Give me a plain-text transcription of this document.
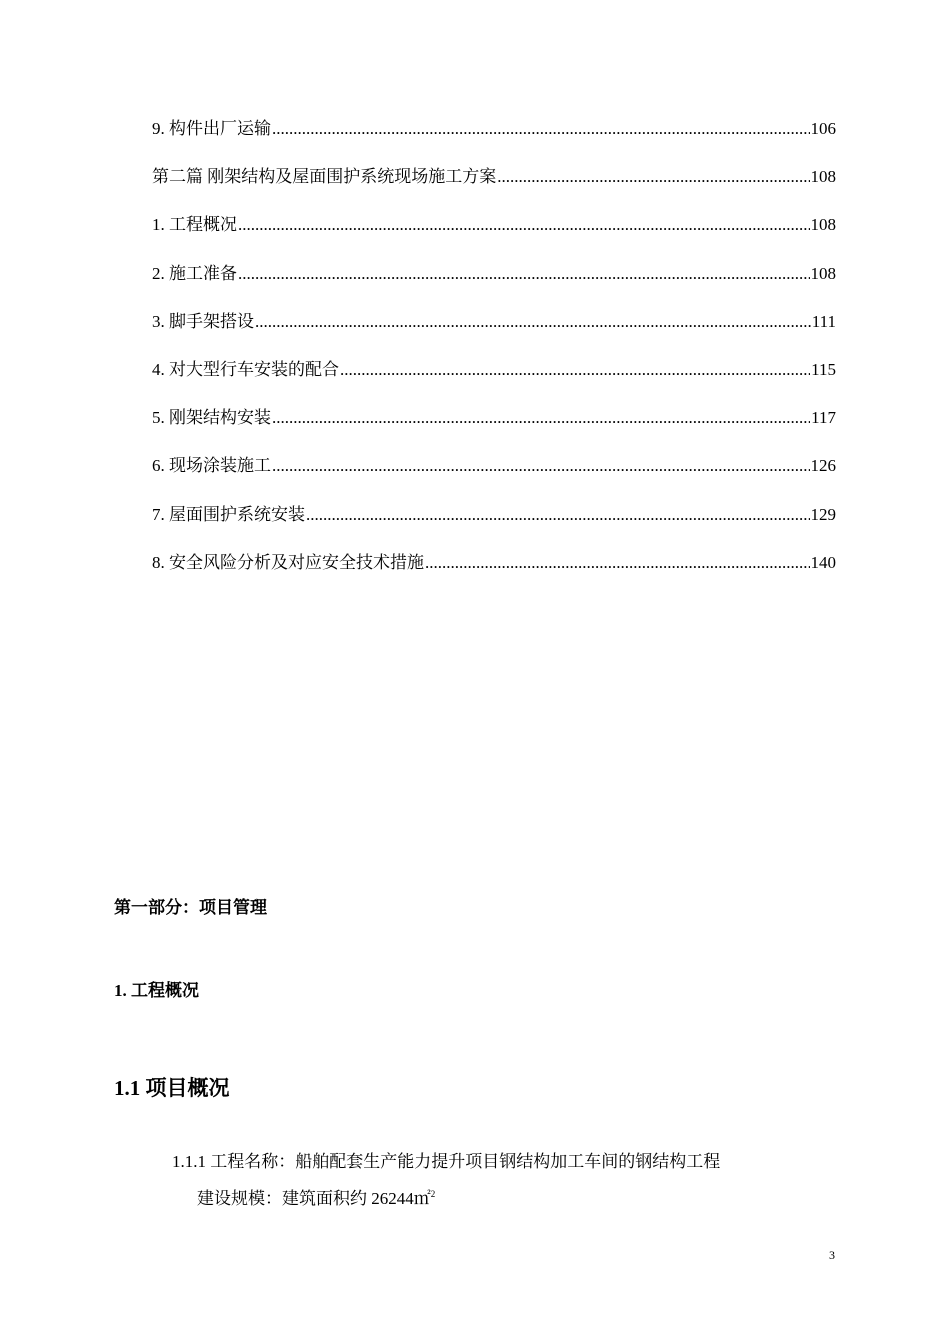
9. 构件出厂运输 .....	106
第二篇 刚架结构及屋面围护系统现场施工方案 .....	108
1. 工程概况 .....	108
2. 施工准备 .....	108
3. 脚手架搭设 .....	111
4. 对大型行车安装的配合 .....	115
5. 刚架结构安装 .....	117
6. 现场涂装施工 .....	126
7. 屋面围护系统安装 .....	129
8. 安全风险分析及对应安全技术措施 .....	140
第一部分：项目管理
1. 工程概况
1.1 项目概况
1.1.1 工程名称：船舶配套生产能力提升项目钢结构加工车间的钢结构工程
建设规模：建筑面积约 26244㎡$^2$
3
